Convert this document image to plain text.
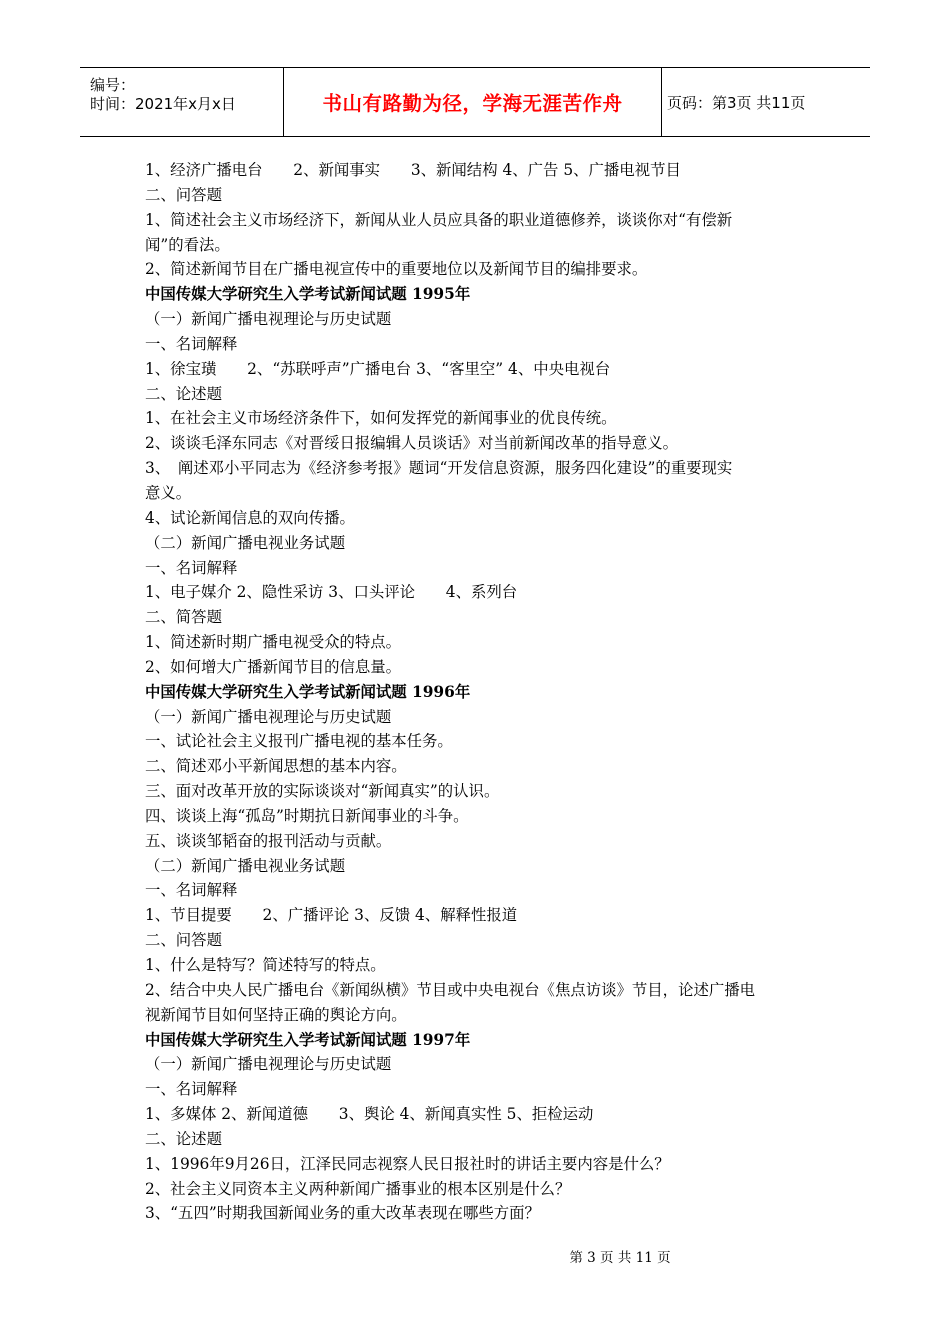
编号：
时间：2021年x月x日	书山有路勤为径，学海无涯苦作舟	页码：第3页 共11页
1、经济广播电台　　2、新闻事实　　3、新闻结构 4、广告 5、广播电视节目
二、问答题
1、简述社会主义市场经济下，新闻从业人员应具备的职业道德修养，谈谈你对“有偿新
闻”的看法。
2、简述新闻节目在广播电视宣传中的重要地位以及新闻节目的编排要求。
中国传媒大学研究生入学考试新闻试题 1995年
（一）新闻广播电视理论与历史试题
一、名词解释
1、徐宝璜　　2、“苏联呼声”广播电台 3、“客里空” 4、中央电视台
二、论述题
1、在社会主义市场经济条件下，如何发挥党的新闻事业的优良传统。
2、谈谈毛泽东同志《对晋绥日报编辑人员谈话》对当前新闻改革的指导意义。
3、　阐述邓小平同志为《经济参考报》题词“开发信息资源，服务四化建设”的重要现实
意义。
4、试论新闻信息的双向传播。
（二）新闻广播电视业务试题
一、名词解释
1、电子媒介 2、隐性采访 3、口头评论　　4、系列台
二、简答题
1、简述新时期广播电视受众的特点。
2、如何增大广播新闻节目的信息量。
中国传媒大学研究生入学考试新闻试题 1996年
（一）新闻广播电视理论与历史试题
一、试论社会主义报刊广播电视的基本任务。
二、简述邓小平新闻思想的基本内容。
三、面对改革开放的实际谈谈对“新闻真实”的认识。
四、谈谈上海“孤岛”时期抗日新闻事业的斗争。
五、谈谈邹韬奋的报刊活动与贡献。
（二）新闻广播电视业务试题
一、名词解释
1、节目提要　　2、广播评论 3、反馈 4、解释性报道
二、问答题
1、什么是特写？简述特写的特点。
2、结合中央人民广播电台《新闻纵横》节目或中央电视台《焦点访谈》节目，论述广播电
视新闻节目如何坚持正确的舆论方向。
中国传媒大学研究生入学考试新闻试题 1997年
（一）新闻广播电视理论与历史试题
一、名词解释
1、多媒体 2、新闻道德　　3、舆论 4、新闻真实性 5、拒检运动
二、论述题
1、1996年9月26日，江泽民同志视察人民日报社时的讲话主要内容是什么？
2、社会主义同资本主义两种新闻广播事业的根本区别是什么？
3、“五四”时期我国新闻业务的重大改革表现在哪些方面？
第 3 页 共 11 页
